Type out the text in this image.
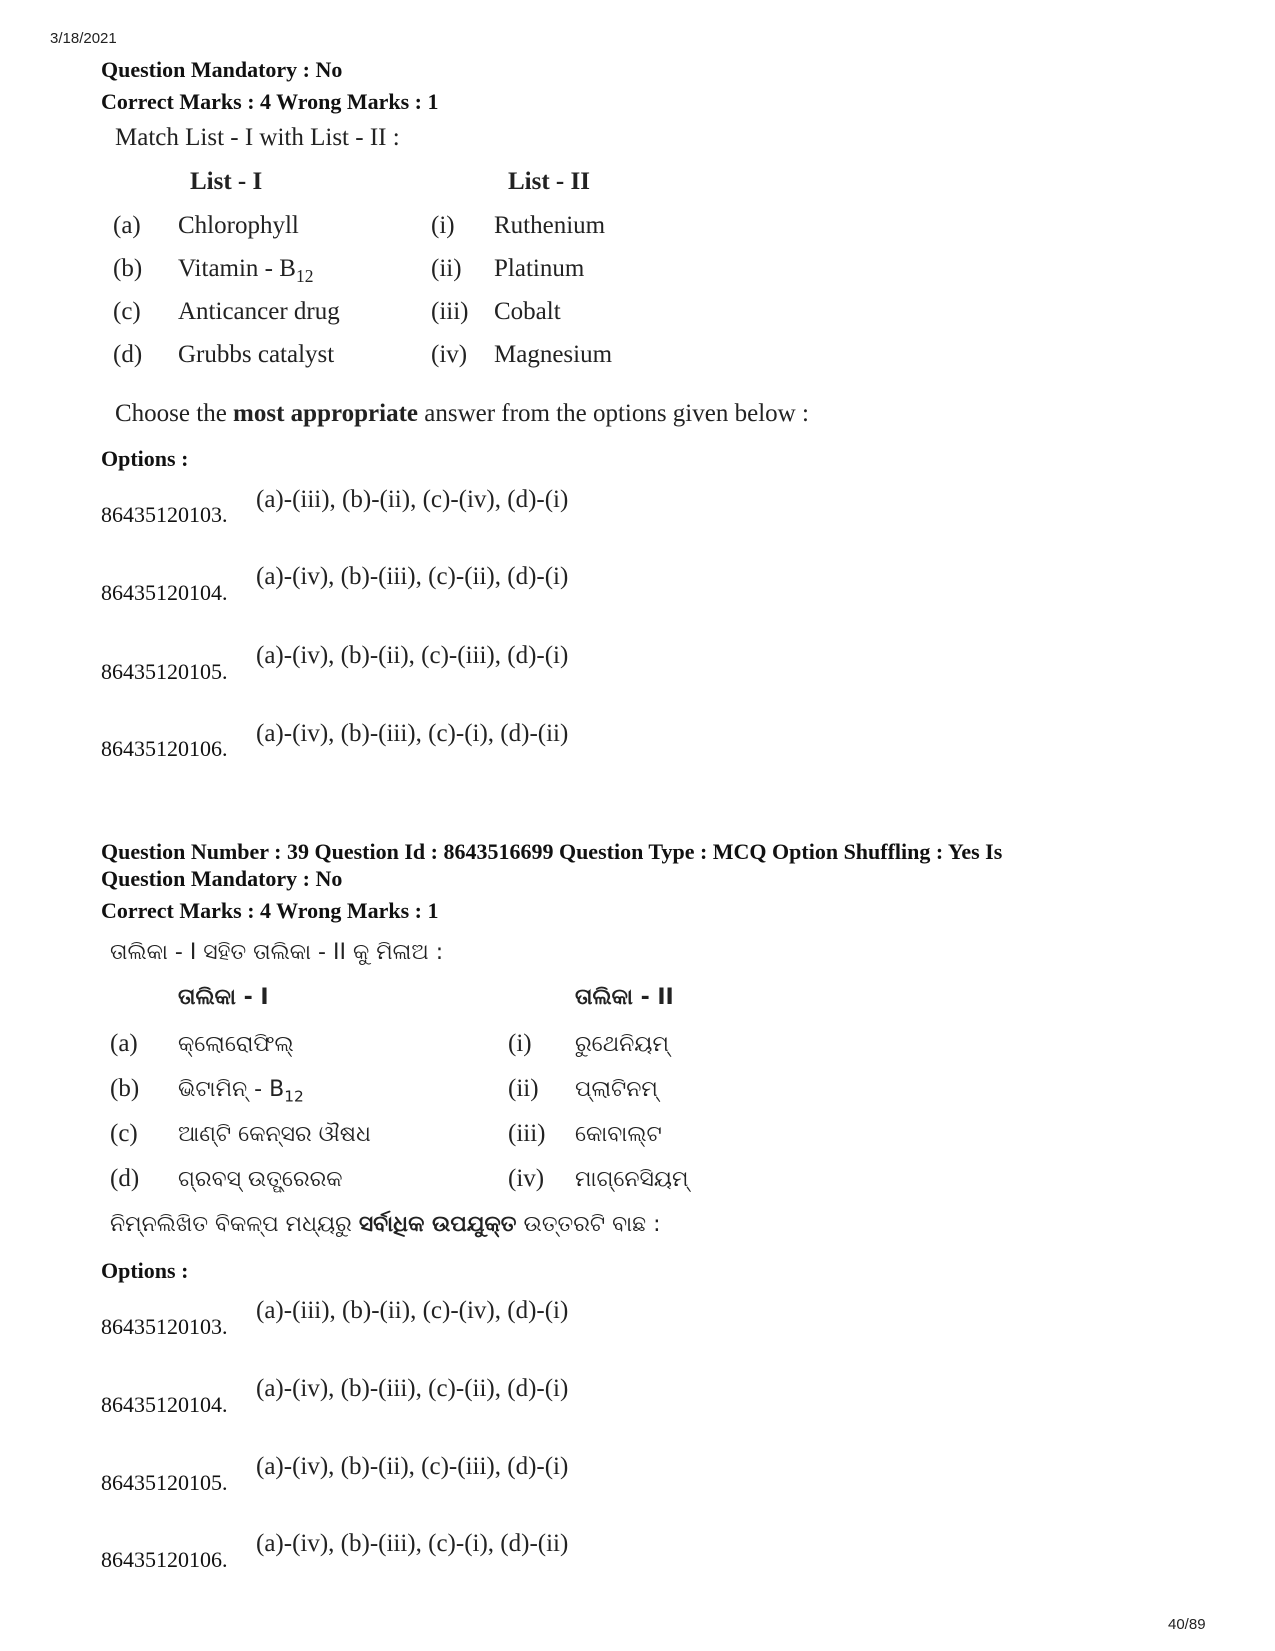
3/18/2021
40/89
Question Mandatory : No
Correct Marks : 4 Wrong Marks : 1
Match List - I with List - II :
List - I	List - II
(a) Chlorophyll	(i) Ruthenium
(b) Vitamin - $B_{12}$	(ii) Platinum
(c) Anticancer drug	(iii) Cobalt
(d) Grubbs catalyst	(iv) Magnesium
Choose the most appropriate answer from the options given below :
Options :
(a)-(iii), (b)-(ii), (c)-(iv), (d)-(i)
86435120103.
(a)-(iv), (b)-(iii), (c)-(ii), (d)-(i)
86435120104.
(a)-(iv), (b)-(ii), (c)-(iii), (d)-(i)
86435120105.
(a)-(iv), (b)-(iii), (c)-(i), (d)-(ii)
86435120106.
Question Number : 39 Question Id : 8643516699 Question Type : MCQ Option Shuffling : Yes Is
Question Mandatory : No
Correct Marks : 4 Wrong Marks : 1
ତାଲିକା - I ସହିତ ତାଲିକା - II କୁ ମିଳାଅ :
ତାଲିକା - I	ତାଲିକା - II
(a) କ୍ଲୋରୋଫିଲ୍	(i) ରୁଥେନିୟମ୍
(b) ଭିଟାମିନ୍ - $B_{12}$	(ii) ପ୍ଲାଟିନମ୍
(c) ଆଣ୍ଟି କେନ୍ସର ଔଷଧ	(iii) କୋବାଲ୍ଟ
(d) ଗ୍ରବସ୍ ଉତ୍ପ୍ରେରକ	(iv) ମାଗ୍ନେସିୟମ୍
ନିମ୍ନଲିଖିତ ବିକଳ୍ପ ମଧ୍ୟରୁ ସର୍ବାଧିକ ଉପଯୁକ୍ତ ଉତ୍ତରଟି ବାଛ :
Options :
(a)-(iii), (b)-(ii), (c)-(iv), (d)-(i)
86435120103.
(a)-(iv), (b)-(iii), (c)-(ii), (d)-(i)
86435120104.
(a)-(iv), (b)-(ii), (c)-(iii), (d)-(i)
86435120105.
(a)-(iv), (b)-(iii), (c)-(i), (d)-(ii)
86435120106.
